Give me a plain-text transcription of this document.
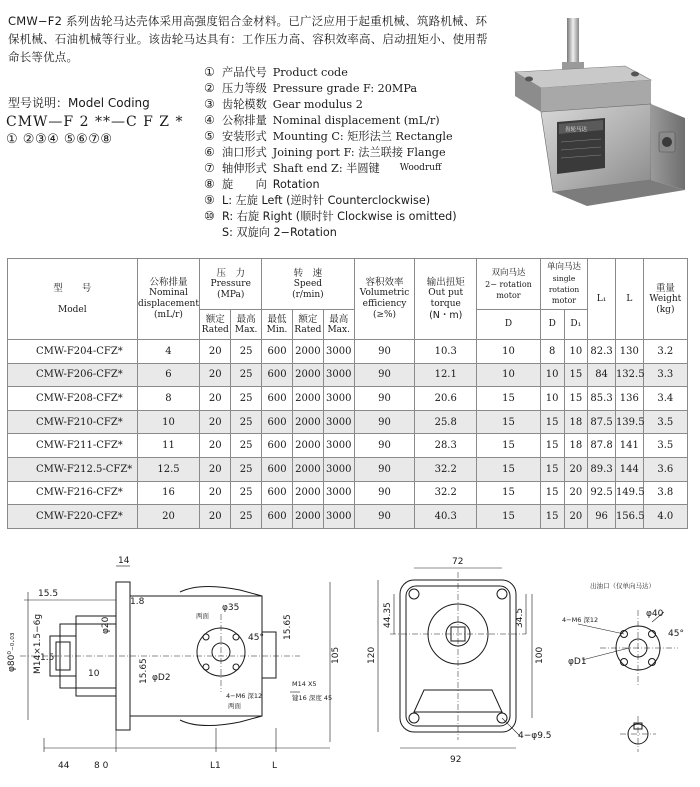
CMW−F2 系列齿轮马达壳体采用高强度铝合金材料。已广泛应用于起重机械、筑路机械、环保机械、石油机械等行业。该齿轮马达具有：工作压力高、容积效率高、启动扭矩小、使用帮命长等优点。
型号说明：Model Coding
CMW—F 2 **—C F Z *
① ②③④ ⑤⑥⑦⑧
① 产品代号 Product code
② 压力等级 Pressure grade F: 20MPa
③ 齿轮模数 Gear modulus 2
④ 公称排量 Nominal displacement (mL/r)
⑤ 安装形式 Mounting C: 矩形法兰 Rectangle
⑥ 油口形式 Joining port F: 法兰联接 Flange
⑦ 轴伸形式 Shaft end Z: 半圆键 Woodruff
⑧ 旋　　向 Rotation
⑨ L: 左旋 Left (逆时针 Counterclockwise)
⑩ R: 右旋 Right (顺时针 Clockwise is omitted)
S: 双旋向 2−Rotation
齿轮马达
型　　号

Model	公称排量
Nominal
displacement
(mL/r)	压　力
Pressure
(MPa)		转　速
Speed
(r/min)			容积效率
Volumetric
efficiency
(≥%)	输出扭矩
Out put
torque
(N・m)	双向马达
2− rotation
motor	单向马达
single rotation
motor		L₁	L	重量
Weight
(kg)

		额定
Rated	最高
Max.	最低
Min.	额定
Rated	最高
Max.			D	D	D₁			

CMW-F204-CFZ*	4	20	25	600	2000	3000	90	10.3	10	8	10	82.3	130	3.2
CMW-F206-CFZ*	6	20	25	600	2000	3000	90	12.1	10	10	15	84	132.5	3.3
CMW-F208-CFZ*	8	20	25	600	2000	3000	90	20.6	15	10	15	85.3	136	3.4
CMW-F210-CFZ*	10	20	25	600	2000	3000	90	25.8	15	15	18	87.5	139.5	3.5
CMW-F211-CFZ*	11	20	25	600	2000	3000	90	28.3	15	15	18	87.8	141	3.5
CMW-F212.5-CFZ*	12.5	20	25	600	2000	3000	90	32.2	15	15	20	89.3	144	3.6
CMW-F216-CFZ*	16	20	25	600	2000	3000	90	32.2	15	15	20	92.5	149.5	3.8
CMW-F220-CFZ*	20	20	25	600	2000	3000	90	40.3	15	15	20	96	156.5	4.0
14
15.5
1.8
φ35
45°
φ80⁰₋₀.₀₃ M14×1.5−6g
1.5
10
φ20
15.65
15.65
φD2
4−M6 深12
M14 X5
键16 深度 45
105
44	8 0	L1	L
两面
两面
72
44.35	34.5
120	100
92
4−φ9.5
出油口（仅单向马达）
4−M6 深12
φ40
45°
φD1
